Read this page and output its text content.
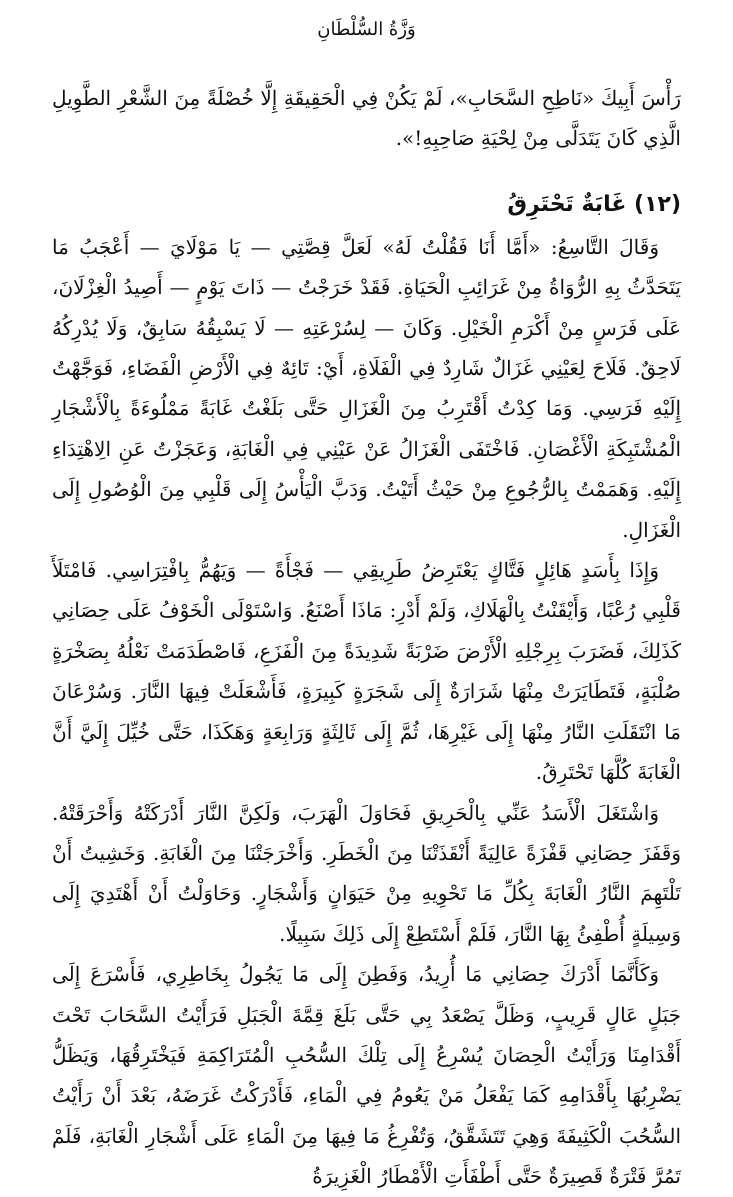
وَزَّةُ السُّلْطَانِ

رَأْسَ أَبِيكَ «نَاطِحِ السَّحَابِ»، لَمْ يَكُنْ فِي الْحَقِيقَةِ إِلَّا خُصْلَةً مِنَ الشَّعْرِ الطَّوِيلِ الَّذِي كَانَ يَتَدَلَّى مِنْ لِحْيَةِ صَاحِبِهِ!».

(١٢) غَابَةٌ تَحْتَرِقُ

وَقَالَ التَّاسِعُ: «أَمَّا أَنَا فَقُلْتُ لَهُ» لَعَلَّ قِصَّتِي — يَا مَوْلَايَ — أَعْجَبُ مَا يَتَحَدَّثُ بِهِ الرُّوَاةُ مِنْ غَرَائِبِ الْحَيَاةِ. فَقَدْ خَرَجْتُ — ذَاتَ يَوْمٍ — أَصِيدُ الْغِزْلَانَ، عَلَى فَرَسٍ مِنْ أَكْرَمِ الْخَيْلِ. وَكَانَ — لِسُرْعَتِهِ — لَا يَسْبِقُهُ سَابِقٌ، وَلَا يُدْرِكُهُ لَاحِقٌ. فَلَاحَ لِعَيْنِي غَزَالٌ شَارِدٌ فِي الْفَلَاةِ، أَيْ: تَائِهٌ فِي الْأَرْضِ الْفَضَاءِ، فَوَجَّهْتُ إِلَيْهِ فَرَسِي. وَمَا كِدْتُ أَقْتَرِبُ مِنَ الْغَزَالِ حَتَّى بَلَغْتُ غَابَةً مَمْلُوءَةً بِالْأَشْجَارِ الْمُشْتَبِكَةِ الْأَغْصَانِ. فَاخْتَفَى الْغَزَالُ عَنْ عَيْنِي فِي الْغَابَةِ، وَعَجَزْتُ عَنِ الِاهْتِدَاءِ إِلَيْهِ. وَهَمَمْتُ بِالرُّجُوعِ مِنْ حَيْثُ أَتَيْتُ. وَدَبَّ الْيَأْسُ إِلَى قَلْبِي مِنَ الْوُصُولِ إِلَى الْغَزَالِ.

وَإِذَا بِأَسَدٍ هَائِلٍ فَتَّاكٍ يَعْتَرِضُ طَرِيقِي — فَجْأَةً — وَيَهُمُّ بِافْتِرَاسِي. فَامْتَلَأَ قَلْبِي رُعْبًا، وَأَيْقَنْتُ بِالْهَلَاكِ، وَلَمْ أَدْرِ: مَاذَا أَصْنَعُ. وَاسْتَوْلَى الْخَوْفُ عَلَى حِصَانِي كَذَلِكَ، فَضَرَبَ بِرِجْلِهِ الْأَرْضَ ضَرْبَةً شَدِيدَةً مِنَ الْفَزَعِ، فَاصْطَدَمَتْ نَعْلُهُ بِصَخْرَةٍ صُلْبَةٍ، فَتَطَايَرَتْ مِنْهَا شَرَارَةٌ إِلَى شَجَرَةٍ كَبِيرَةٍ، فَأَشْعَلَتْ فِيهَا النَّارَ. وَسُرْعَانَ مَا انْتَقَلَتِ النَّارُ مِنْهَا إِلَى غَيْرِهَا، ثُمَّ إِلَى ثَالِثَةٍ وَرَابِعَةٍ وَهَكَذَا، حَتَّى خُيِّلَ إِلَيَّ أَنَّ الْغَابَةَ كُلَّهَا تَحْتَرِقُ.

وَاشْتَغَلَ الْأَسَدُ عَنِّي بِالْحَرِيقِ فَحَاوَلَ الْهَرَبَ، وَلَكِنَّ النَّارَ أَدْرَكَتْهُ وَأَحْرَقَتْهُ. وَقَفَزَ حِصَانِي قَفْزَةً عَالِيَةً أَنْقَذَتْنَا مِنَ الْخَطَرِ. وَأَخْرَجَتْنَا مِنَ الْغَابَةِ. وَخَشِيتُ أَنْ تَلْتَهِمَ النَّارُ الْغَابَةَ بِكُلِّ مَا تَحْوِيهِ مِنْ حَيَوَانٍ وَأَشْجَارٍ. وَحَاوَلْتُ أَنْ أَهْتَدِيَ إِلَى وَسِيلَةٍ أُطْفِئُ بِهَا النَّارَ، فَلَمْ أَسْتَطِعْ إِلَى ذَلِكَ سَبِيلًا.

وَكَأَنَّمَا أَدْرَكَ حِصَانِي مَا أُرِيدُ، وَفَطِنَ إِلَى مَا يَجُولُ بِخَاطِرِي، فَأَسْرَعَ إِلَى جَبَلٍ عَالٍ قَرِيبٍ، وَظَلَّ يَصْعَدُ بِي حَتَّى بَلَغَ قِمَّةَ الْجَبَلِ فَرَأَيْتُ السَّحَابَ تَحْتَ أَقْدَامِنَا وَرَأَيْتُ الْحِصَانَ يُسْرِعُ إِلَى تِلْكَ السُّحُبِ الْمُتَرَاكِمَةِ فَيَخْتَرِقُهَا، وَيَظَلُّ يَضْرِبُهَا بِأَقْدَامِهِ كَمَا يَفْعَلُ مَنْ يَعُومُ فِي الْمَاءِ، فَأَدْرَكْتُ غَرَضَهُ، بَعْدَ أَنْ رَأَيْتُ السُّحُبَ الْكَثِيفَةَ وَهِيَ تَتَشَقَّقُ، وَتُفْرِغُ مَا فِيهَا مِنَ الْمَاءِ عَلَى أَشْجَارِ الْغَابَةِ، فَلَمْ تَمُرَّ فَتْرَةٌ قَصِيرَةٌ حَتَّى أَطْفَأَتِ الْأَمْطَارُ الْغَزِيرَةُ
